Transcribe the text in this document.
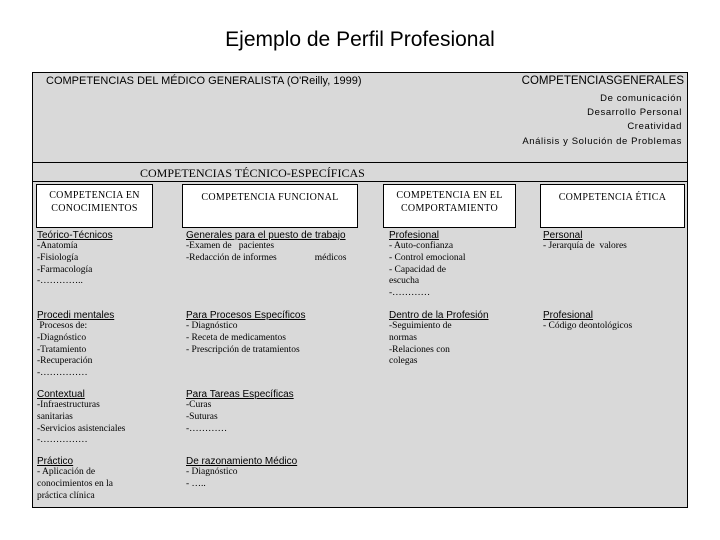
Ejemplo de Perfil Profesional
COMPETENCIAS DEL MÉDICO GENERALISTA (O'Reilly, 1999)	COMPETENCIASGENERALES
De comunicación
Desarrollo Personal
Creatividad
Análisis y Solución de Problemas
COMPETENCIAS TÉCNICO-ESPECÍFICAS
COMPETENCIA EN
CONOCIMIENTOS
COMPETENCIA FUNCIONAL	COMPETENCIA EN EL
COMPORTAMIENTO
COMPETENCIA ÉTICA
Teórico-Técnicos
-Anatomía
-Fisiología
-Farmacología
-…………..
Procedi mentales
Procesos de:
-Diagnóstico
-Tratamiento
-Recuperación
-……………
Contextual
-Infraestructuras
sanitarias
-Servicios asistenciales
-……………
Práctico
- Aplicación de
conocimientos en la
práctica clínica
Generales para el puesto de trabajo
-Examen de   pacientes
-Redacción de informes                médicos
Para Procesos Específicos
- Diagnóstico
- Receta de medicamentos
- Prescripción de tratamientos
Para Tareas Específicas
-Curas
-Suturas
-…………
De razonamiento Médico
- Diagnóstico
- …..
Profesional
- Auto-confianza
- Control emocional
- Capacidad de
escucha
-…………
Dentro de la Profesión
-Seguimiento de
normas
-Relaciones con
colegas
Personal
- Jerarquía de  valores
Profesional
- Código deontológicos
